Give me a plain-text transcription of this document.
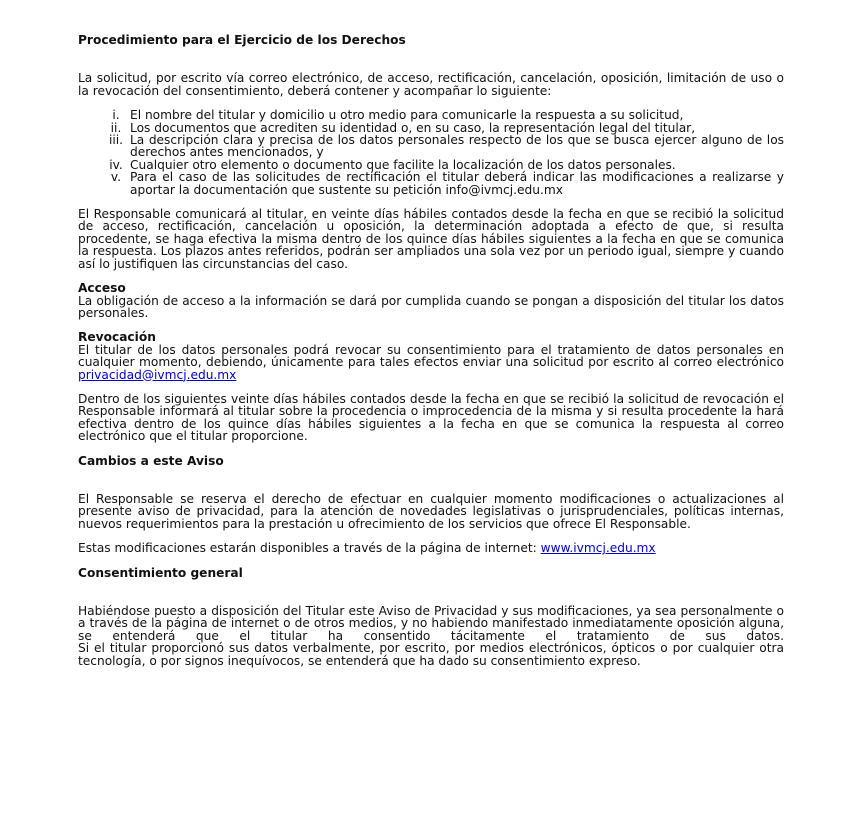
Procedimiento para el Ejercicio de los Derechos

La solicitud, por escrito vía correo electrónico, de acceso, rectificación, cancelación, oposición, limitación de uso o la revocación del consentimiento, deberá contener y acompañar lo siguiente:

i. El nombre del titular y domicilio u otro medio para comunicarle la respuesta a su solicitud,
ii. Los documentos que acrediten su identidad o, en su caso, la representación legal del titular,
iii. La descripción clara y precisa de los datos personales respecto de los que se busca ejercer alguno de los derechos antes mencionados, y
iv. Cualquier otro elemento o documento que facilite la localización de los datos personales.
v. Para el caso de las solicitudes de rectificación el titular deberá indicar las modificaciones a realizarse y aportar la documentación que sustente su petición info@ivmcj.edu.mx

El Responsable comunicará al titular, en veinte días hábiles contados desde la fecha en que se recibió la solicitud de acceso, rectificación, cancelación u oposición, la determinación adoptada a efecto de que, si resulta procedente, se haga efectiva la misma dentro de los quince días hábiles siguientes a la fecha en que se comunica la respuesta. Los plazos antes referidos, podrán ser ampliados una sola vez por un periodo igual, siempre y cuando así lo justifiquen las circunstancias del caso.

Acceso

La obligación de acceso a la información se dará por cumplida cuando se pongan a disposición del titular los datos personales.

Revocación

El titular de los datos personales podrá revocar su consentimiento para el tratamiento de datos personales en cualquier momento, debiendo, únicamente para tales efectos enviar una solicitud por escrito al correo electrónico privacidad@ivmcj.edu.mx

Dentro de los siguientes veinte días hábiles contados desde la fecha en que se recibió la solicitud de revocación el Responsable informará al titular sobre la procedencia o improcedencia de la misma y si resulta procedente la hará efectiva dentro de los quince días hábiles siguientes a la fecha en que se comunica la respuesta al correo electrónico que el titular proporcione.

Cambios a este Aviso

El Responsable se reserva el derecho de efectuar en cualquier momento modificaciones o actualizaciones al presente aviso de privacidad, para la atención de novedades legislativas o jurisprudenciales, políticas internas, nuevos requerimientos para la prestación u ofrecimiento de los servicios que ofrece El Responsable.

Estas modificaciones estarán disponibles a través de la página de internet: www.ivmcj.edu.mx

Consentimiento general

Habiéndose puesto a disposición del Titular este Aviso de Privacidad y sus modificaciones, ya sea personalmente o a través de la página de internet o de otros medios, y no habiendo manifestado inmediatamente oposición alguna, se entenderá que el titular ha consentido tácitamente el tratamiento de sus datos.

Si el titular proporcionó sus datos verbalmente, por escrito, por medios electrónicos, ópticos o por cualquier otra tecnología, o por signos inequívocos, se entenderá que ha dado su consentimiento expreso.
